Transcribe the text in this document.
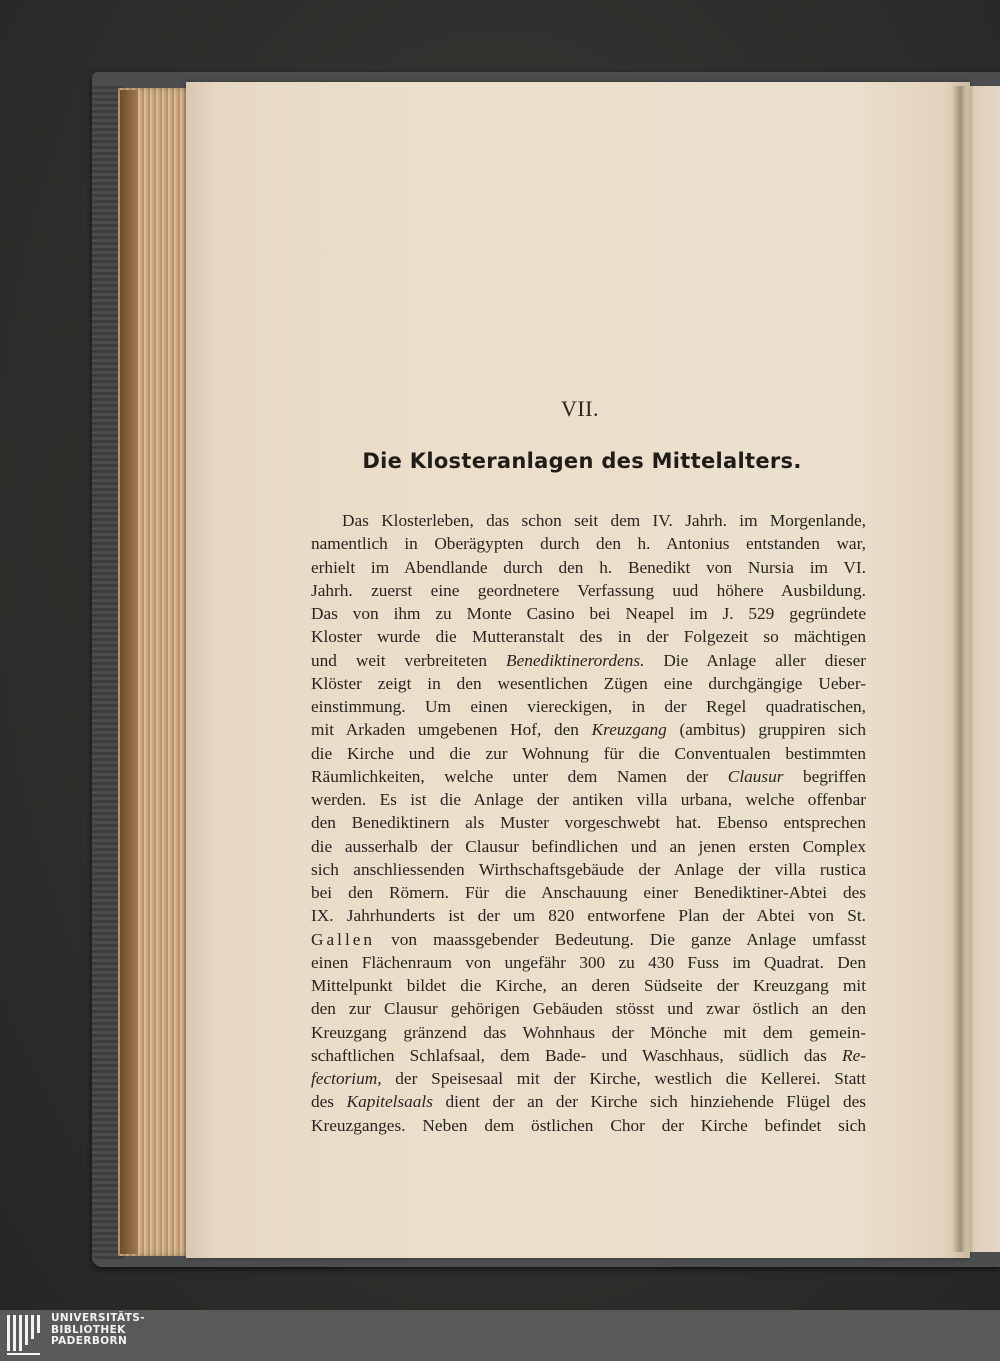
VII.
Die Klosteranlagen des Mittelalters.
Das Klosterleben, das schon seit dem IV. Jahrh. im Morgenlande,
namentlich in Oberägypten durch den h. Antonius entstanden war,
erhielt im Abendlande durch den h. Benedikt von Nursia im VI.
Jahrh. zuerst eine geordnetere Verfassung uud höhere Ausbildung.
Das von ihm zu Monte Casino bei Neapel im J. 529 gegründete
Kloster wurde die Mutteranstalt des in der Folgezeit so mächtigen
und weit verbreiteten Benediktinerordens. Die Anlage aller dieser
Klöster zeigt in den wesentlichen Zügen eine durchgängige Ueber-
einstimmung. Um einen viereckigen, in der Regel quadratischen,
mit Arkaden umgebenen Hof, den Kreuzgang (ambitus) gruppiren sich
die Kirche und die zur Wohnung für die Conventualen bestimmten
Räumlichkeiten, welche unter dem Namen der Clausur begriffen
werden. Es ist die Anlage der antiken villa urbana, welche offenbar
den Benediktinern als Muster vorgeschwebt hat. Ebenso entsprechen
die ausserhalb der Clausur befindlichen und an jenen ersten Complex
sich anschliessenden Wirthschaftsgebäude der Anlage der villa rustica
bei den Römern. Für die Anschauung einer Benediktiner-Abtei des
IX. Jahrhunderts ist der um 820 entworfene Plan der Abtei von St.
Gallen von maassgebender Bedeutung. Die ganze Anlage umfasst
einen Flächenraum von ungefähr 300 zu 430 Fuss im Quadrat. Den
Mittelpunkt bildet die Kirche, an deren Südseite der Kreuzgang mit
den zur Clausur gehörigen Gebäuden stösst und zwar östlich an den
Kreuzgang gränzend das Wohnhaus der Mönche mit dem gemein-
schaftlichen Schlafsaal, dem Bade- und Waschhaus, südlich das Re-
fectorium, der Speisesaal mit der Kirche, westlich die Kellerei. Statt
des Kapitelsaals dient der an der Kirche sich hinziehende Flügel des
Kreuzganges. Neben dem östlichen Chor der Kirche befindet sich
UNIVERSITÄTS-
BIBLIOTHEK
PADERBORN
